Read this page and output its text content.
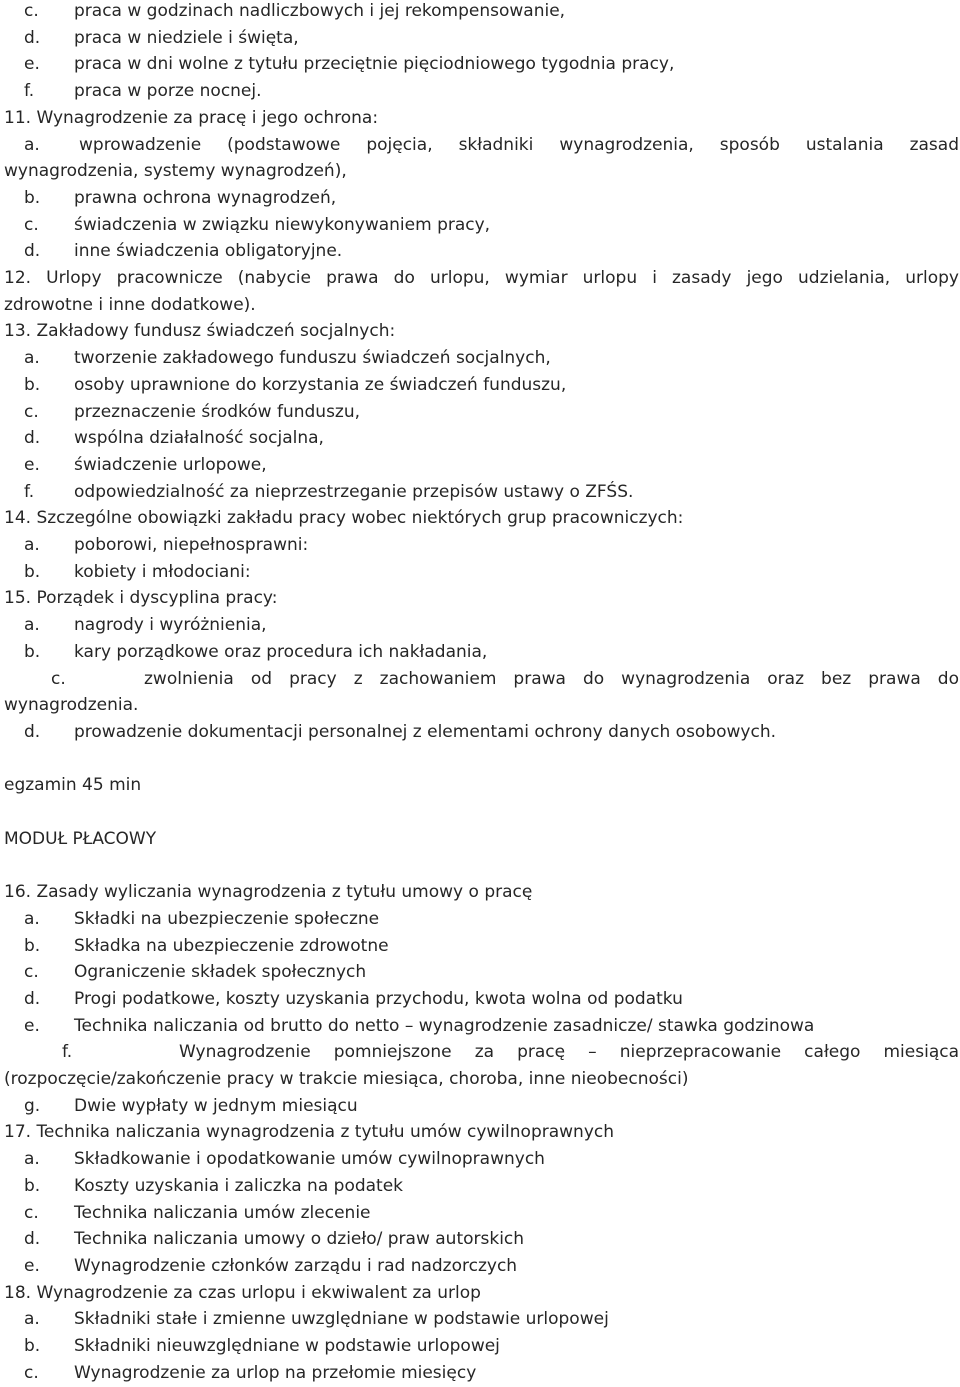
c. praca w godzinach nadliczbowych i jej rekompensowanie,
d. praca w niedziele i święta,
e. praca w dni wolne z tytułu przeciętnie pięciodniowego tygodnia pracy,
f. praca w porze nocnej.
11. Wynagrodzenie za pracę i jego ochrona:
a. wprowadzenie (podstawowe pojęcia, składniki wynagrodzenia, sposób ustalania zasad
wynagrodzenia, systemy wynagrodzeń),
b. prawna ochrona wynagrodzeń,
c. świadczenia w związku niewykonywaniem pracy,
d. inne świadczenia obligatoryjne.
12. Urlopy pracownicze (nabycie prawa do urlopu, wymiar urlopu i zasady jego udzielania, urlopy
zdrowotne i inne dodatkowe).
13. Zakładowy fundusz świadczeń socjalnych:
a. tworzenie zakładowego funduszu świadczeń socjalnych,
b. osoby uprawnione do korzystania ze świadczeń funduszu,
c. przeznaczenie środków funduszu,
d. wspólna działalność socjalna,
e. świadczenie urlopowe,
f. odpowiedzialność za nieprzestrzeganie przepisów ustawy o ZFŚS.
14. Szczególne obowiązki zakładu pracy wobec niektórych grup pracowniczych:
a. poborowi, niepełnosprawni:
b. kobiety i młodociani:
15. Porządek i dyscyplina pracy:
a. nagrody i wyróżnienia,
b. kary porządkowe oraz procedura ich nakładania,
c.	zwolnienia od pracy z zachowaniem prawa do wynagrodzenia oraz bez prawa do
wynagrodzenia.
d. prowadzenie dokumentacji personalnej z elementami ochrony danych osobowych.
egzamin 45 min
MODUŁ PŁACOWY
16. Zasady wyliczania wynagrodzenia z tytułu umowy o pracę
a. Składki na ubezpieczenie społeczne
b. Składka na ubezpieczenie zdrowotne
c. Ograniczenie składek społecznych
d. Progi podatkowe, koszty uzyskania przychodu, kwota wolna od podatku
e. Technika naliczania od brutto do netto – wynagrodzenie zasadnicze/ stawka godzinowa
f.	Wynagrodzenie pomniejszone za pracę – nieprzepracowanie całego miesiąca
(rozpoczęcie/zakończenie pracy w trakcie miesiąca, choroba, inne nieobecności)
g. Dwie wypłaty w jednym miesiącu
17. Technika naliczania wynagrodzenia z tytułu umów cywilnoprawnych
a. Składkowanie i opodatkowanie umów cywilnoprawnych
b. Koszty uzyskania i zaliczka na podatek
c. Technika naliczania umów zlecenie
d. Technika naliczania umowy o dzieło/ praw autorskich
e. Wynagrodzenie członków zarządu i rad nadzorczych
18. Wynagrodzenie za czas urlopu i ekwiwalent za urlop
a. Składniki stałe i zmienne uwzględniane w podstawie urlopowej
b. Składniki nieuwzględniane w podstawie urlopowej
c. Wynagrodzenie za urlop na przełomie miesięcy
